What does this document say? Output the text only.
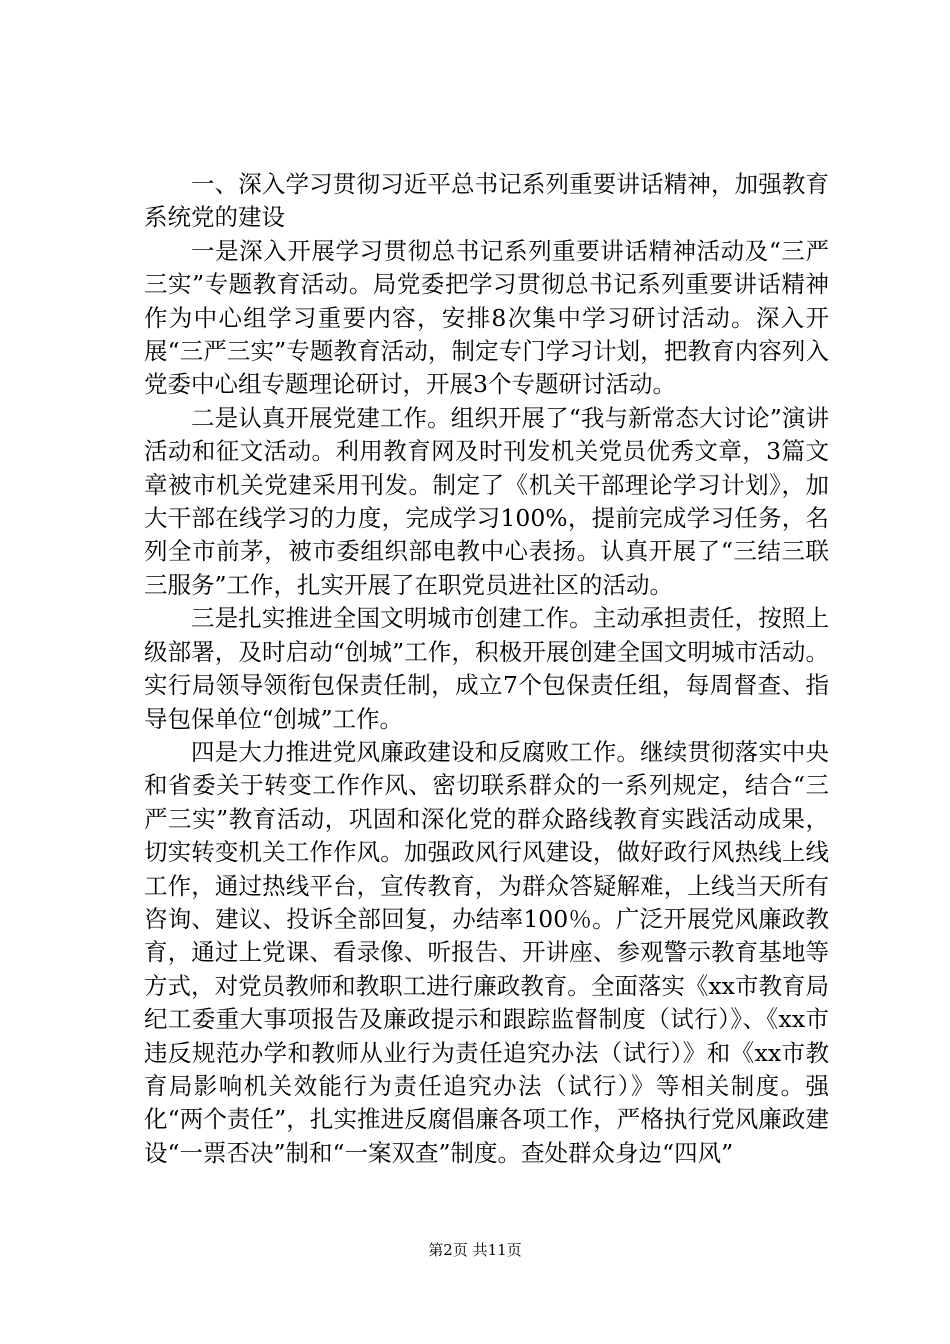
一、深入学习贯彻习近平总书记系列重要讲话精神，加强教育系统党的建设

一是深入开展学习贯彻总书记系列重要讲话精神活动及“三严三实”专题教育活动。局党委把学习贯彻总书记系列重要讲话精神作为中心组学习重要内容，安排8次集中学习研讨活动。深入开展“三严三实”专题教育活动，制定专门学习计划，把教育内容列入党委中心组专题理论研讨，开展3个专题研讨活动。

二是认真开展党建工作。组织开展了“我与新常态大讨论”演讲活动和征文活动。利用教育网及时刊发机关党员优秀文章，3篇文章被市机关党建采用刊发。制定了《机关干部理论学习计划》，加大干部在线学习的力度，完成学习100%，提前完成学习任务，名列全市前茅，被市委组织部电教中心表扬。认真开展了“三结三联三服务”工作，扎实开展了在职党员进社区的活动。

三是扎实推进全国文明城市创建工作。主动承担责任，按照上级部署，及时启动“创城”工作，积极开展创建全国文明城市活动。实行局领导领衔包保责任制，成立7个包保责任组，每周督查、指导包保单位“创城”工作。

四是大力推进党风廉政建设和反腐败工作。继续贯彻落实中央和省委关于转变工作作风、密切联系群众的一系列规定，结合“三严三实”教育活动，巩固和深化党的群众路线教育实践活动成果，切实转变机关工作作风。加强政风行风建设，做好政行风热线上线工作，通过热线平台，宣传教育，为群众答疑解难，上线当天所有咨询、建议、投诉全部回复，办结率100％。广泛开展党风廉政教育，通过上党课、看录像、听报告、开讲座、参观警示教育基地等方式，对党员教师和教职工进行廉政教育。全面落实《xx市教育局纪工委重大事项报告及廉政提示和跟踪监督制度（试行）》、《xx市违反规范办学和教师从业行为责任追究办法（试行）》和《xx市教育局影响机关效能行为责任追究办法（试行）》等相关制度。强化“两个责任”，扎实推进反腐倡廉各项工作，严格执行党风廉政建设“一票否决”制和“一案双查”制度。查处群众身边“四风”

第2页 共11页
